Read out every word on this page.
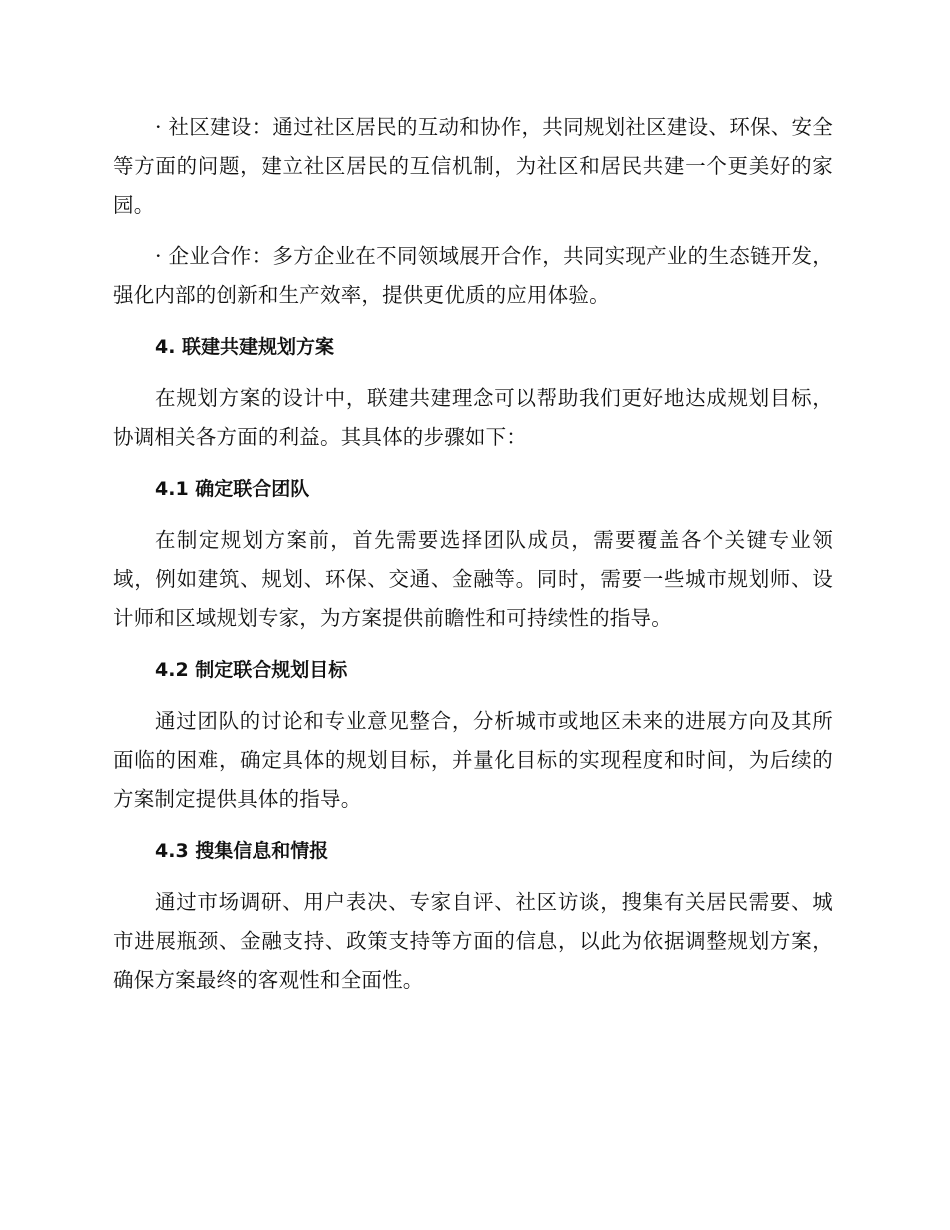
· 社区建设：通过社区居民的互动和协作，共同规划社区建设、环保、安全等方面的问题，建立社区居民的互信机制，为社区和居民共建一个更美好的家园。

· 企业合作：多方企业在不同领域展开合作，共同实现产业的生态链开发，强化内部的创新和生产效率，提供更优质的应用体验。

4. 联建共建规划方案

在规划方案的设计中，联建共建理念可以帮助我们更好地达成规划目标，协调相关各方面的利益。其具体的步骤如下：

4.1 确定联合团队

在制定规划方案前，首先需要选择团队成员，需要覆盖各个关键专业领域，例如建筑、规划、环保、交通、金融等。同时，需要一些城市规划师、设计师和区域规划专家，为方案提供前瞻性和可持续性的指导。

4.2 制定联合规划目标

通过团队的讨论和专业意见整合，分析城市或地区未来的进展方向及其所面临的困难，确定具体的规划目标，并量化目标的实现程度和时间，为后续的方案制定提供具体的指导。

4.3 搜集信息和情报

通过市场调研、用户表决、专家自评、社区访谈，搜集有关居民需要、城市进展瓶颈、金融支持、政策支持等方面的信息，以此为依据调整规划方案，确保方案最终的客观性和全面性。
